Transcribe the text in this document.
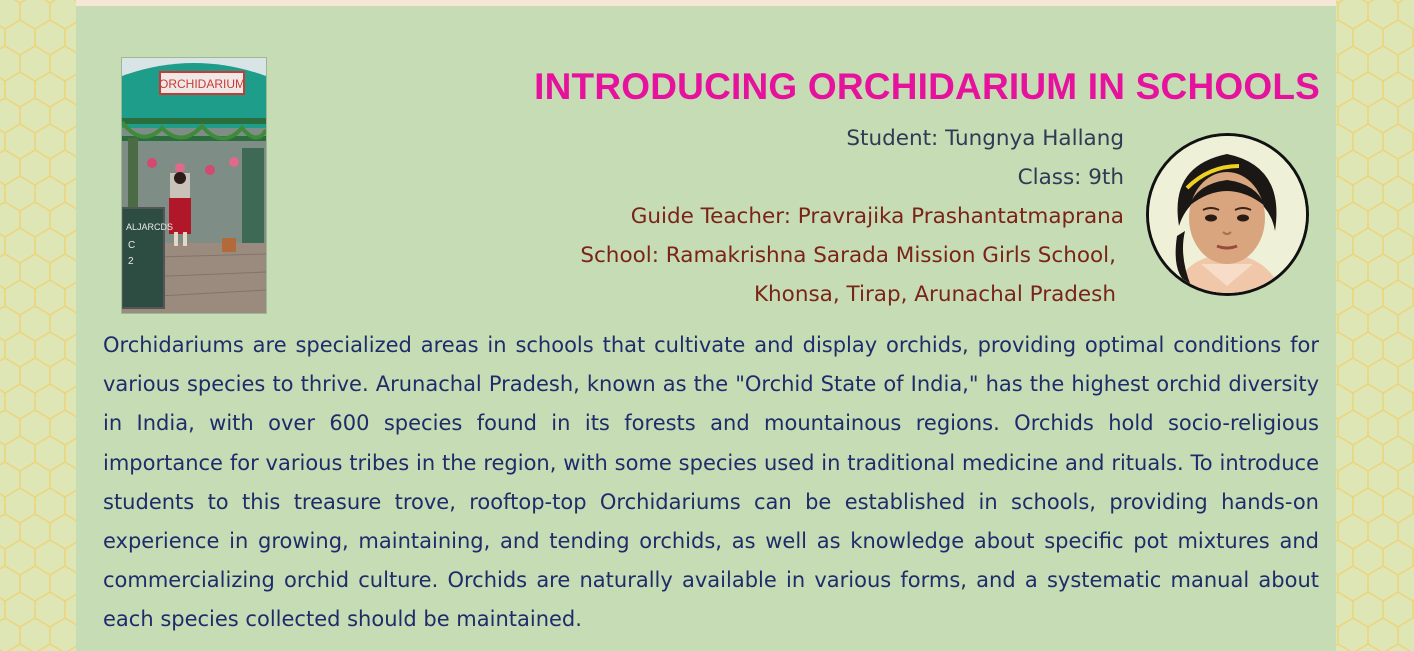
ORCHIDARIUM
ALJARCDS
C
2
INTRODUCING ORCHIDARIUM IN SCHOOLS

Student: Tungnya Hallang

Class: 9th

Guide Teacher: Pravrajika Prashantatmaprana

School: Ramakrishna Sarada Mission Girls School,

Khonsa, Tirap, Arunachal Pradesh

Orchidariums are specialized areas in schools that cultivate and display orchids, providing optimal conditions for various species to thrive. Arunachal Pradesh, known as the "Orchid State of India," has the highest orchid diversity in India, with over 600 species found in its forests and mountainous regions. Orchids hold socio-religious importance for various tribes in the region, with some species used in traditional medicine and rituals. To introduce students to this treasure trove, rooftop-top Orchidariums can be established in schools, providing hands-on experience in growing, maintaining, and tending orchids, as well as knowledge about specific pot mixtures and commercializing orchid culture. Orchids are naturally available in various forms, and a systematic manual about each species collected should be maintained.
